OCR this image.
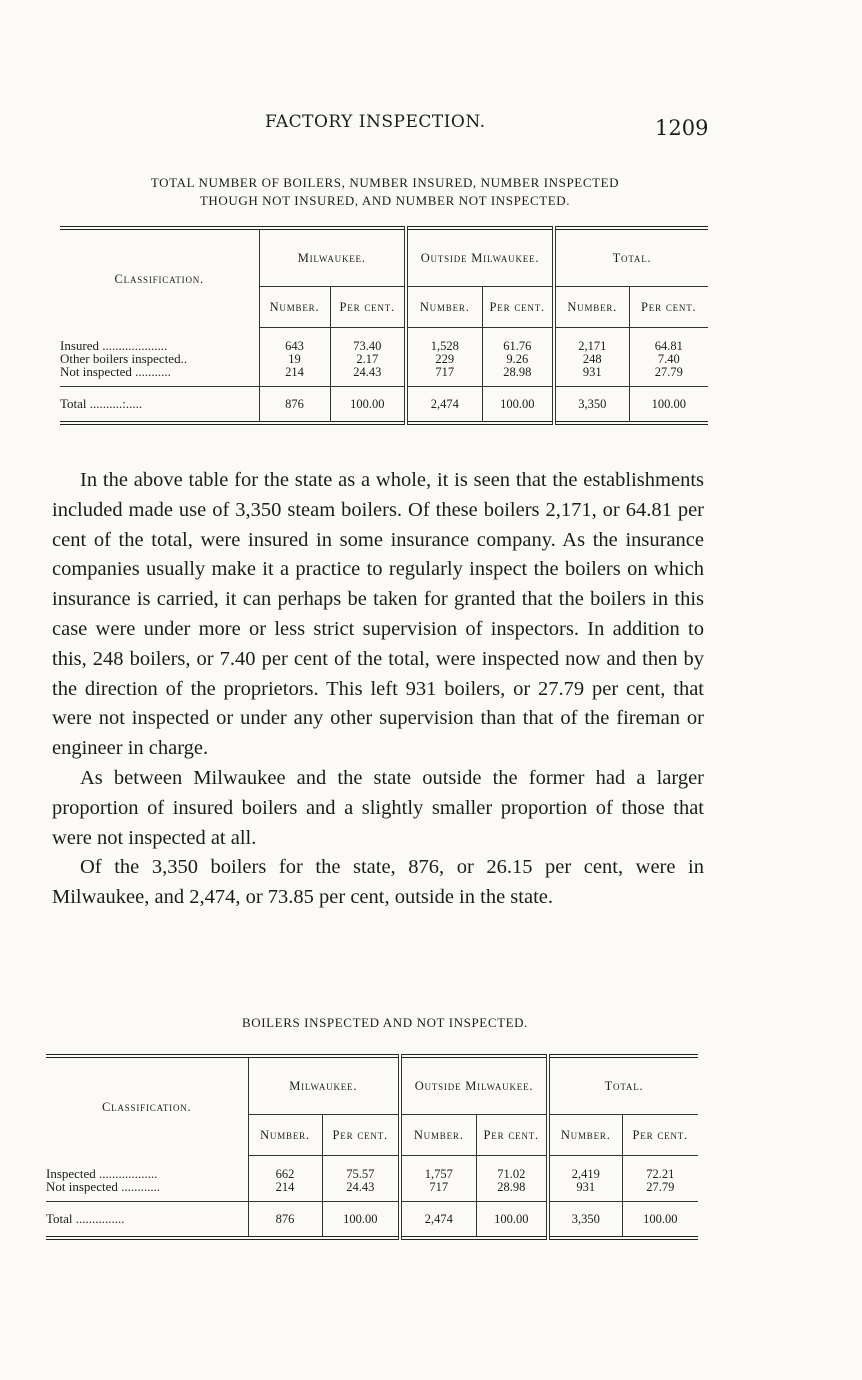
FACTORY INSPECTION.	1209
TOTAL NUMBER OF BOILERS, NUMBER INSURED, NUMBER INSPECTED
THOUGH NOT INSURED, AND NUMBER NOT INSPECTED.
Classification.	Milwaukee.		Outside Milwaukee.		Total.	
	Number.	Per cent.	Number.	Per cent.	Number.	Per cent.
Insured ....................	643	73.40	1,528	61.76	2,171	64.81
Other boilers inspected..	19	2.17	229	9.26	248	7.40
Not inspected ...........	214	24.43	717	28.98	931	27.79
Total ..........:.....	876	100.00	2,474	100.00	3,350	100.00

In the above table for the state as a whole, it is seen that the establishments included made use of 3,350 steam boilers. Of these boilers 2,171, or 64.81 per cent of the total, were insured in some insurance company. As the insurance companies usually make it a practice to regularly inspect the boilers on which insurance is carried, it can perhaps be taken for granted that the boilers in this case were under more or less strict supervision of inspectors. In addition to this, 248 boilers, or 7.40 per cent of the total, were inspected now and then by the direction of the proprietors. This left 931 boilers, or 27.79 per cent, that were not inspected or under any other supervision than that of the fireman or engineer in charge.

As between Milwaukee and the state outside the former had a larger proportion of insured boilers and a slightly smaller proportion of those that were not inspected at all.

Of the 3,350 boilers for the state, 876, or 26.15 per cent, were in Milwaukee, and 2,474, or 73.85 per cent, outside in the state.

BOILERS INSPECTED AND NOT INSPECTED.
Classification.	Milwaukee.		Outside Milwaukee.		Total.	
	Number.	Per cent.	Number.	Per cent.	Number.	Per cent.
Inspected ..................	662	75.57	1,757	71.02	2,419	72.21
Not inspected ............	214	24.43	717	28.98	931	27.79
Total ...............	876	100.00	2,474	100.00	3,350	100.00
